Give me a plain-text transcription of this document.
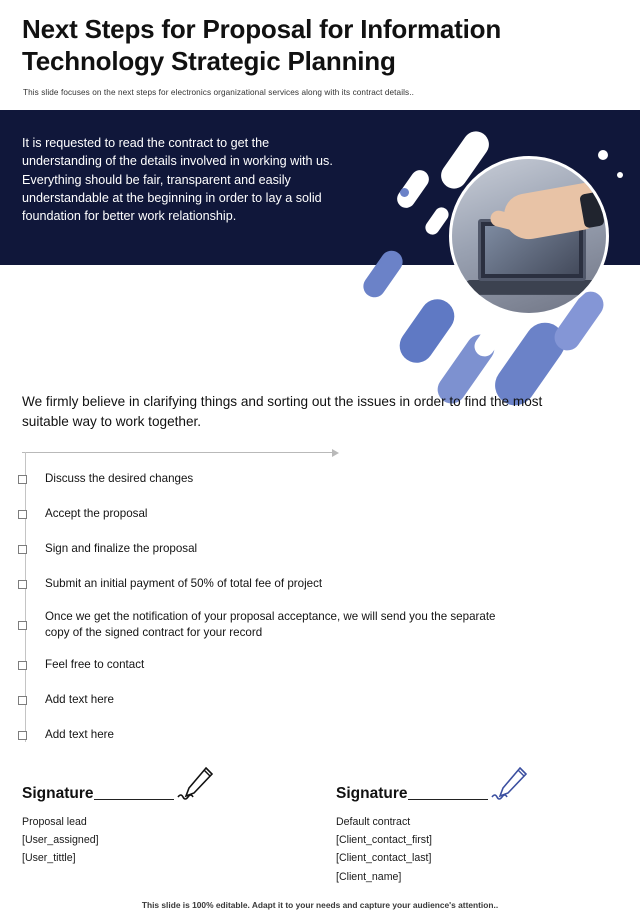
Next Steps for Proposal for Information Technology Strategic Planning
This slide focuses on the next steps for electronics organizational services along with its contract details..
It is requested to read the contract to get the understanding of the details involved in working with us. Everything should be fair, transparent and easily understandable at the beginning in order to lay a solid foundation for better work relationship.
We firmly believe in clarifying things and sorting out the issues in order to find the most suitable way to work together.
Discuss the desired changes
Accept the proposal
Sign and finalize the proposal
Submit an initial payment of 50% of total fee of project
Once we get the notification of your proposal acceptance, we will send you the separate copy of the signed contract for your record
Feel free to contact
Add text here
Add text here
Signature
Proposal lead
[User_assigned]
[User_tittle]
Signature
Default contract
[Client_contact_first]
[Client_contact_last]
[Client_name]
This slide is 100% editable. Adapt it to your needs and capture your audience's attention..
